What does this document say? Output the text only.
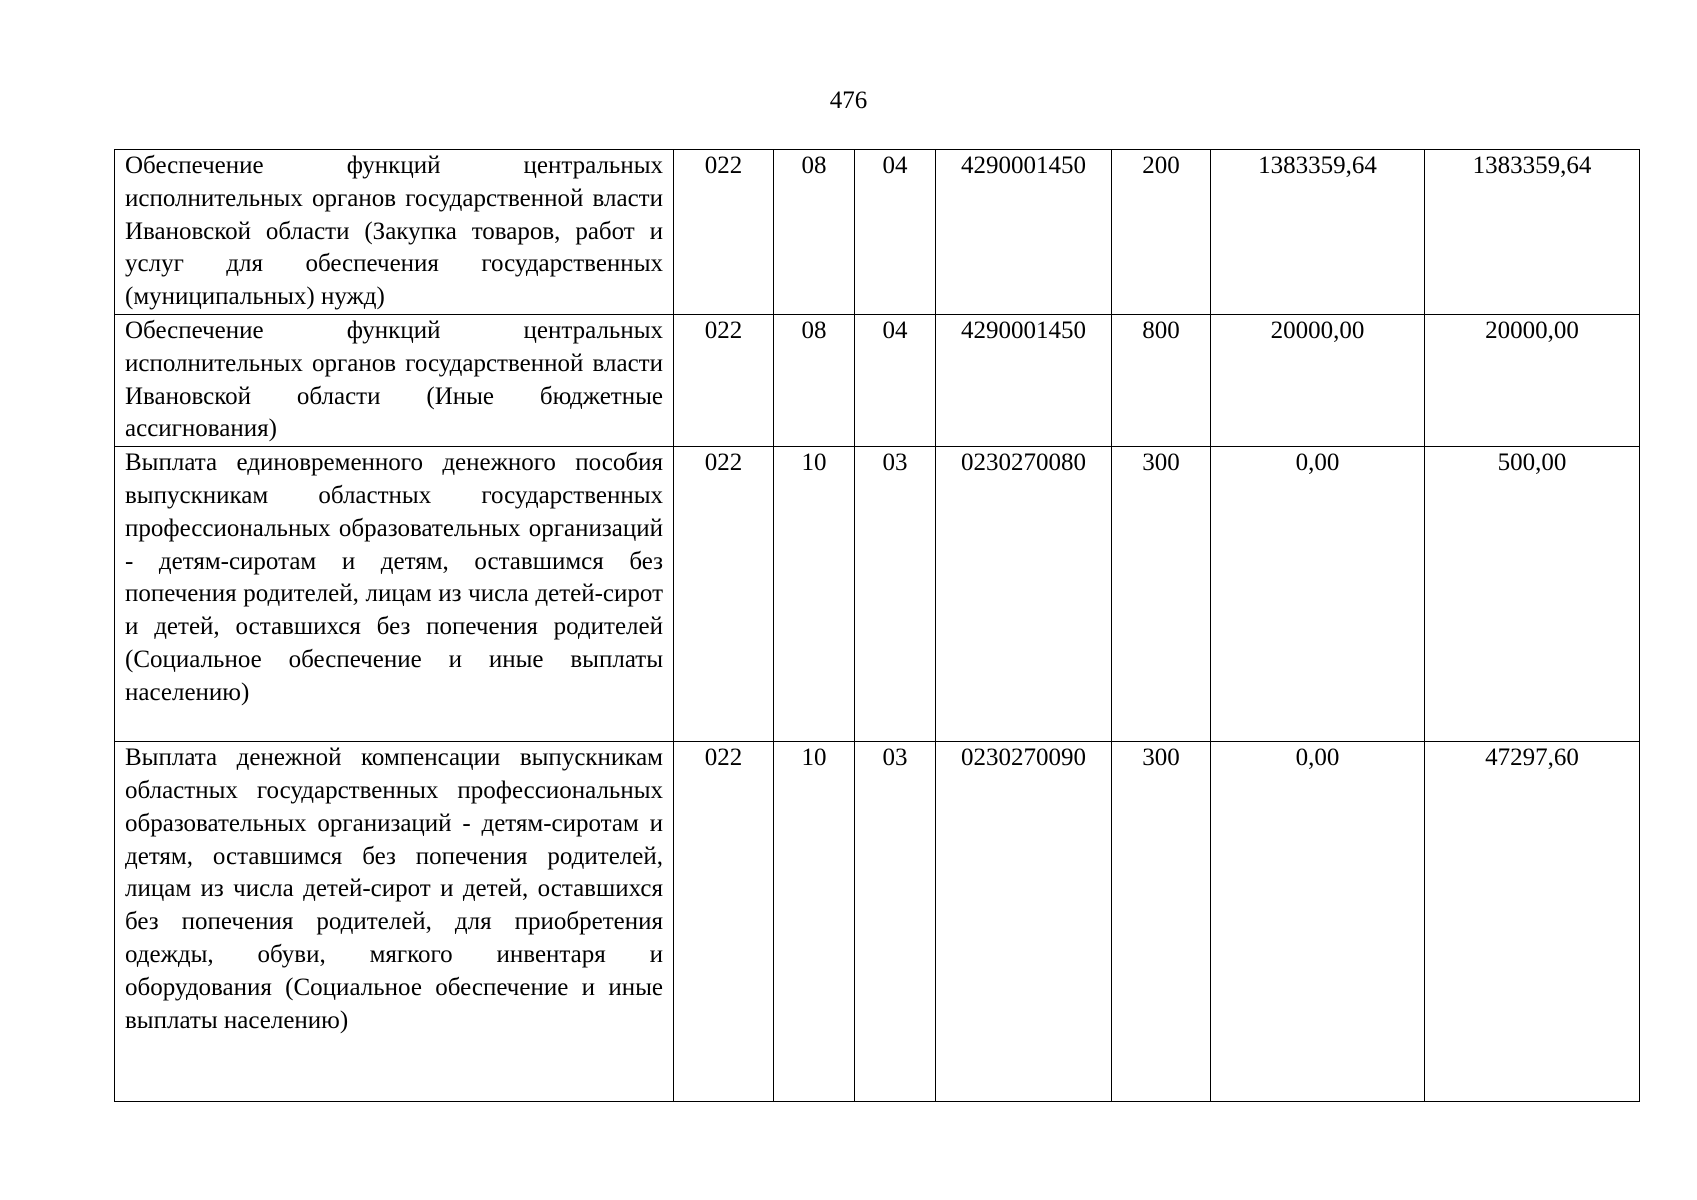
476
Обеспечение функций центральных исполнительных органов государственной власти Ивановской области (Закупка товаров, работ и услуг для обеспечения государственных (муниципальных) нужд)	022	08	04	4290001450	200	1383359,64	1383359,64
Обеспечение функций центральных исполнительных органов государственной власти Ивановской области (Иные бюджетные ассигнования)	022	08	04	4290001450	800	20000,00	20000,00
Выплата единовременного денежного пособия выпускникам областных государственных профессиональных образовательных организаций - детям-сиротам и детям, оставшимся без попечения родителей, лицам из числа детей-сирот и детей, оставшихся без попечения родителей (Социальное обеспечение и иные выплаты населению)	022	10	03	0230270080	300	0,00	500,00
Выплата денежной компенсации выпускникам областных государственных профессиональных образовательных организаций - детям-сиротам и детям, оставшимся без попечения родителей, лицам из числа детей-сирот и детей, оставшихся без попечения родителей, для приобретения одежды, обуви, мягкого инвентаря и оборудования (Социальное обеспечение и иные выплаты населению)	022	10	03	0230270090	300	0,00	47297,60
